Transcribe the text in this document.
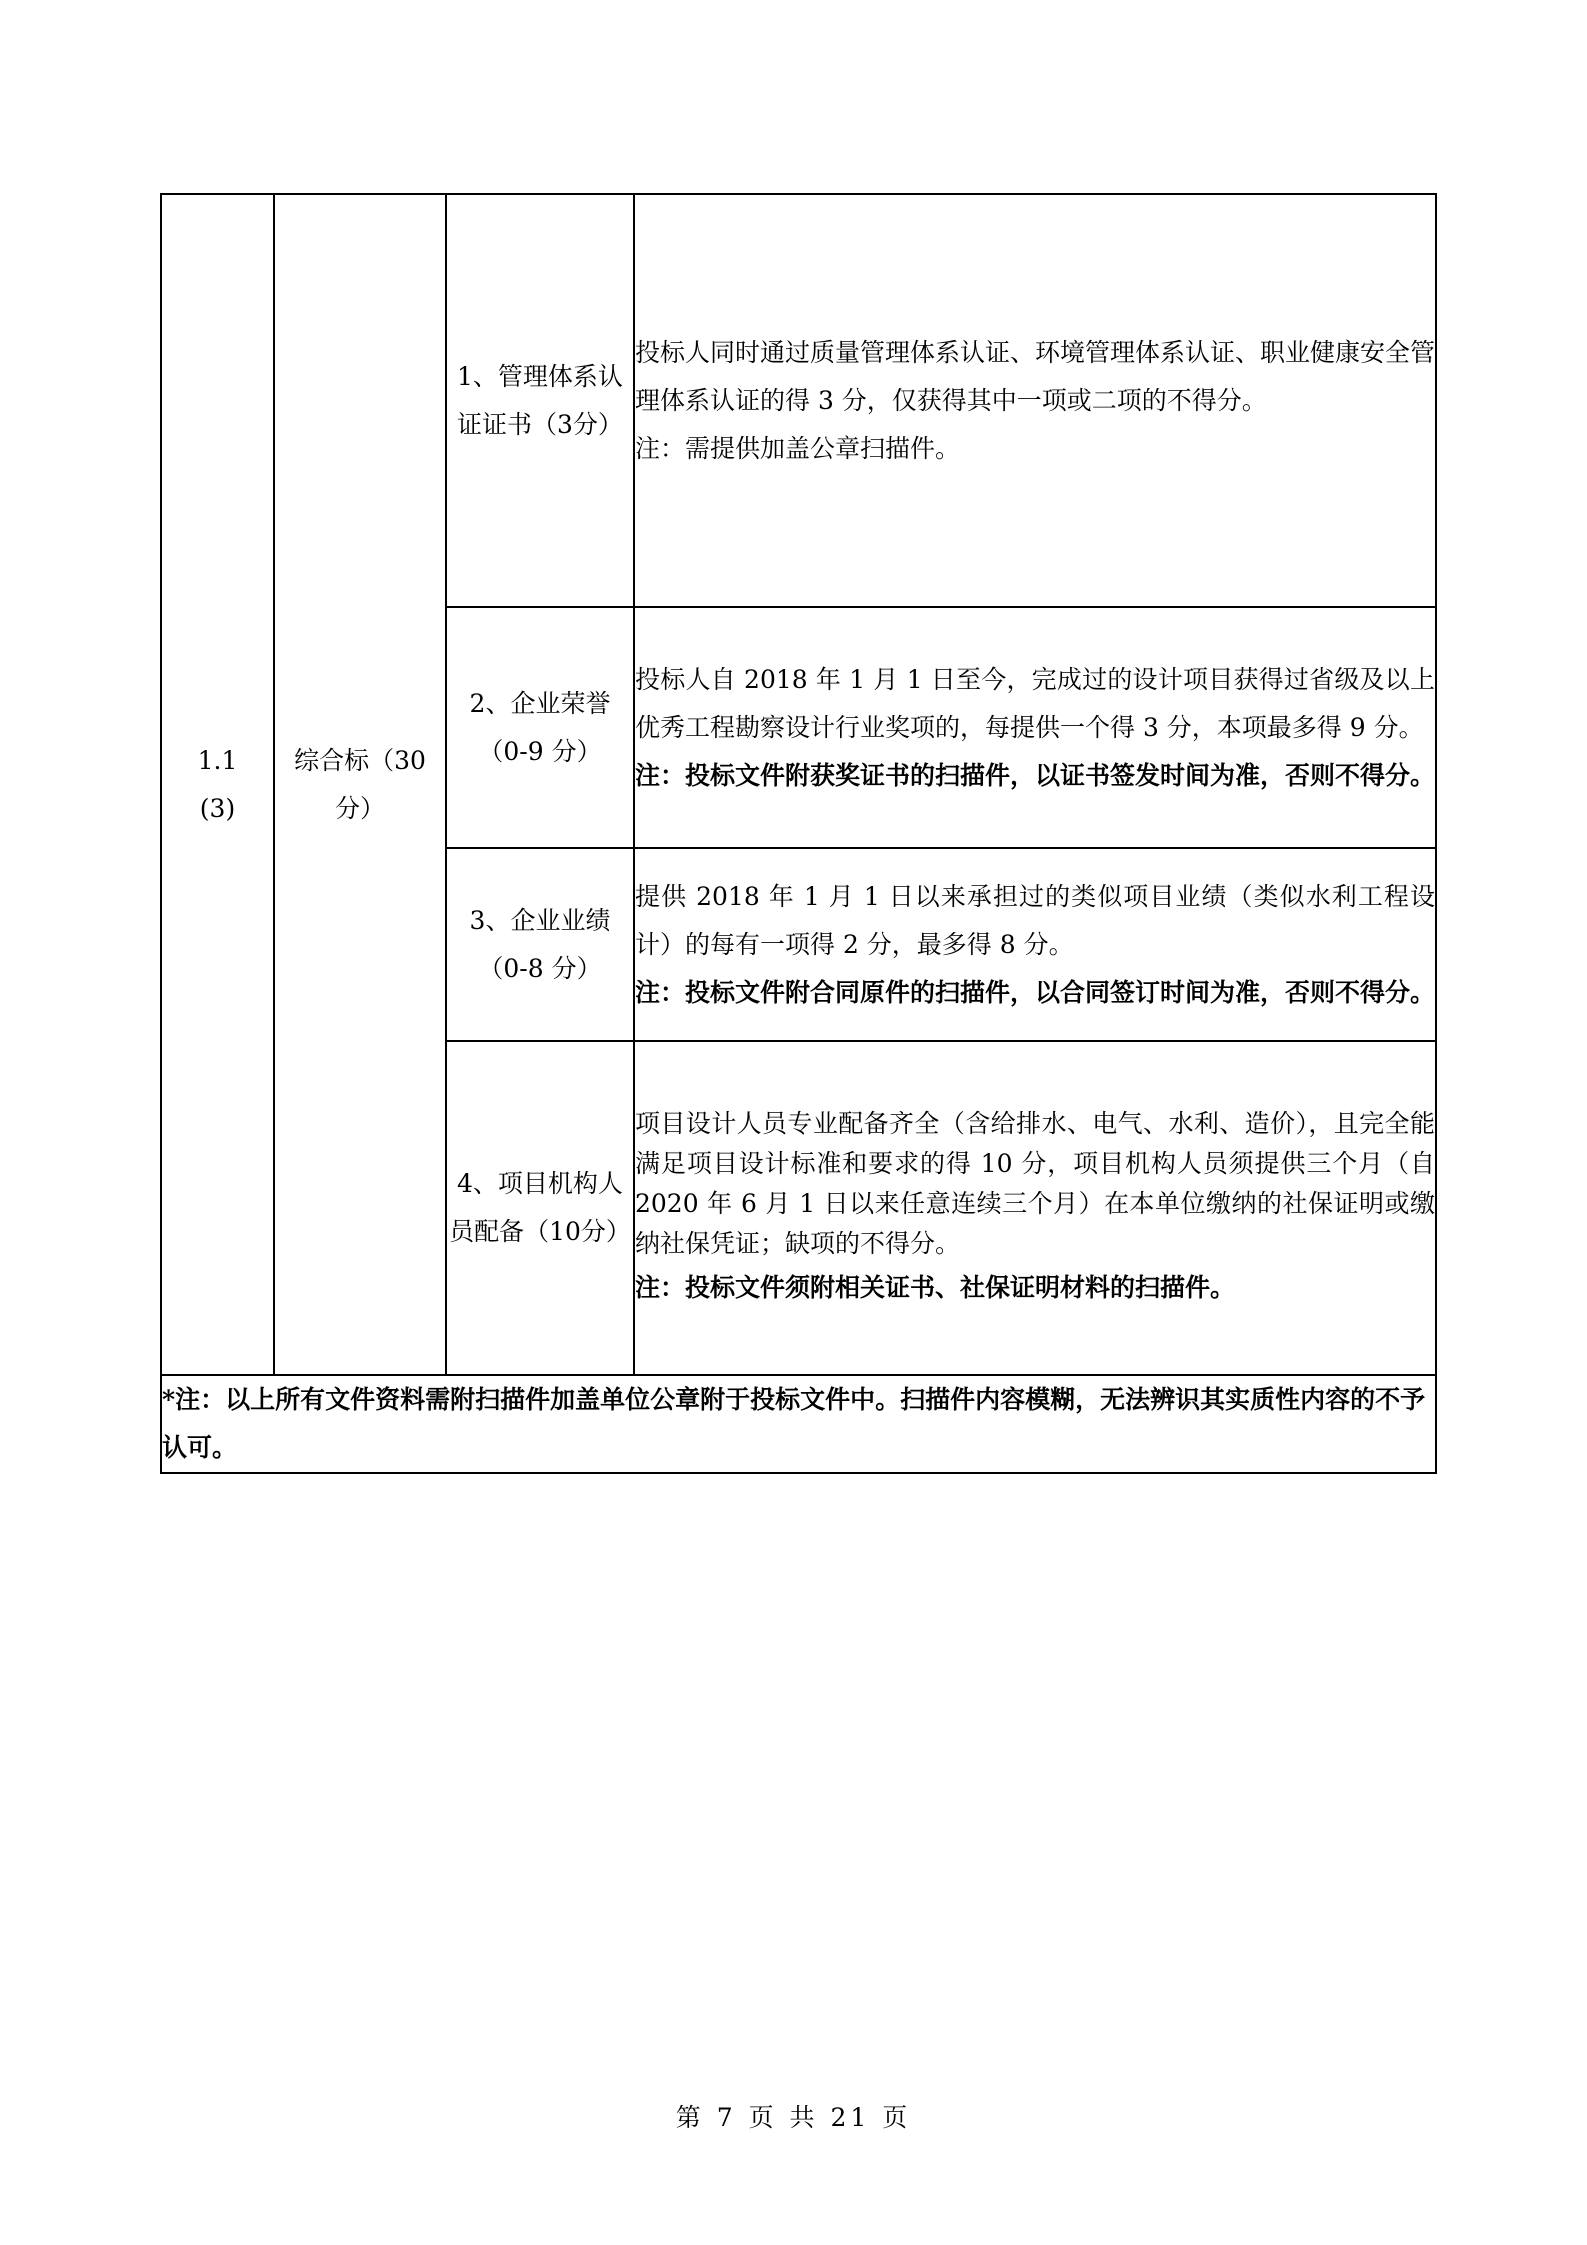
1.1
(3)	综合标（30分）	1、管理体系认证证书（3分）	投标人同时通过质量管理体系认证、环境管理体系认证、职业健康安全管理体系认证的得 3 分，仅获得其中一项或二项的不得分。
注：需提供加盖公章扫描件。

		2、企业荣誉（0-9 分）	投标人自 2018 年 1 月 1 日至今，完成过的设计项目获得过省级及以上优秀工程勘察设计行业奖项的，每提供一个得 3 分，本项最多得 9 分。
注：投标文件附获奖证书的扫描件，以证书签发时间为准，否则不得分。

		3、企业业绩（0-8 分）	提供 2018 年 1 月 1 日以来承担过的类似项目业绩（类似水利工程设计）的每有一项得 2 分，最多得 8 分。
注：投标文件附合同原件的扫描件，以合同签订时间为准，否则不得分。

		4、项目机构人员配备（10分）	项目设计人员专业配备齐全（含给排水、电气、水利、造价），且完全能满足项目设计标准和要求的得 10 分，项目机构人员须提供三个月（自 2020 年 6 月 1 日以来任意连续三个月）在本单位缴纳的社保证明或缴纳社保凭证；缺项的不得分。
注：投标文件须附相关证书、社保证明材料的扫描件。

*注：以上所有文件资料需附扫描件加盖单位公章附于投标文件中。扫描件内容模糊，无法辨识其实质性内容的不予认可。			
第 7 页 共 21 页
